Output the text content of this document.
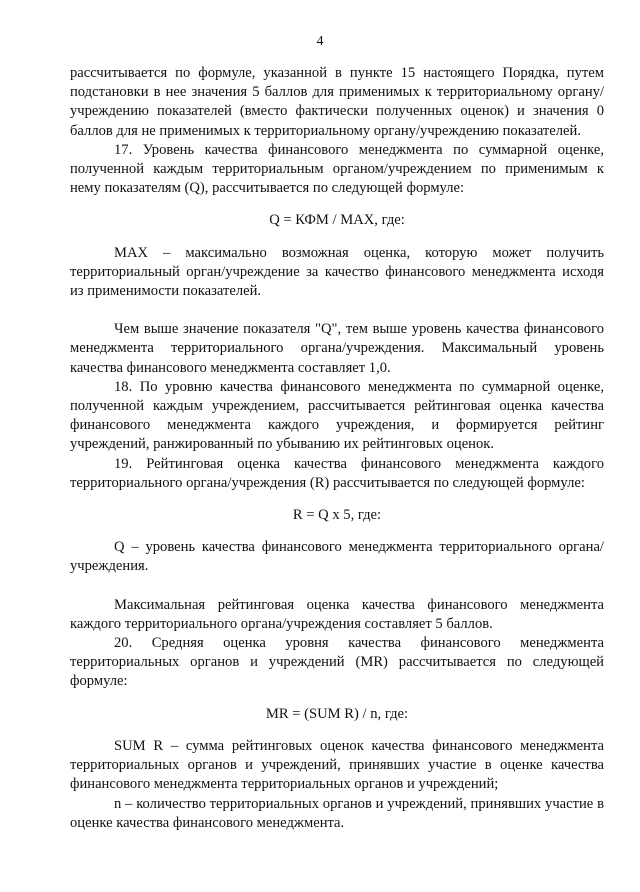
4

рассчитывается по формуле, указанной в пункте 15 настоящего Порядка, путем подстановки в нее значения 5 баллов для применимых к территориальному органу/учреждению показателей (вместо фактически полученных оценок) и значения 0 баллов для не применимых к территориальному органу/учреждению показателей.

17. Уровень качества финансового менеджмента по суммарной оценке, полученной каждым территориальным органом/учреждением по применимым к нему показателям (Q), рассчитывается по следующей формуле:

Q = КФМ / MAX, где:

MAX – максимально возможная оценка, которую может получить территориальный орган/учреждение за качество финансового менеджмента исходя из применимости показателей.

Чем выше значение показателя "Q", тем выше уровень качества финансового менеджмента территориального органа/учреждения. Максимальный уровень качества финансового менеджмента составляет 1,0.

18. По уровню качества финансового менеджмента по суммарной оценке, полученной каждым учреждением, рассчитывается рейтинговая оценка качества финансового менеджмента каждого учреждения, и формируется рейтинг учреждений, ранжированный по убыванию их рейтинговых оценок.

19. Рейтинговая оценка качества финансового менеджмента каждого территориального органа/учреждения (R) рассчитывается по следующей формуле:

R = Q x 5, где:

Q – уровень качества финансового менеджмента территориального органа/учреждения.

Максимальная рейтинговая оценка качества финансового менеджмента каждого территориального органа/учреждения составляет 5 баллов.

20. Средняя оценка уровня качества финансового менеджмента территориальных органов и учреждений (MR) рассчитывается по следующей формуле:

MR = (SUM R) / n, где:

SUM R – сумма рейтинговых оценок качества финансового менеджмента территориальных органов и учреждений, принявших участие в оценке качества финансового менеджмента территориальных органов и учреждений;

n – количество территориальных органов и учреждений, принявших участие в оценке качества финансового менеджмента.
